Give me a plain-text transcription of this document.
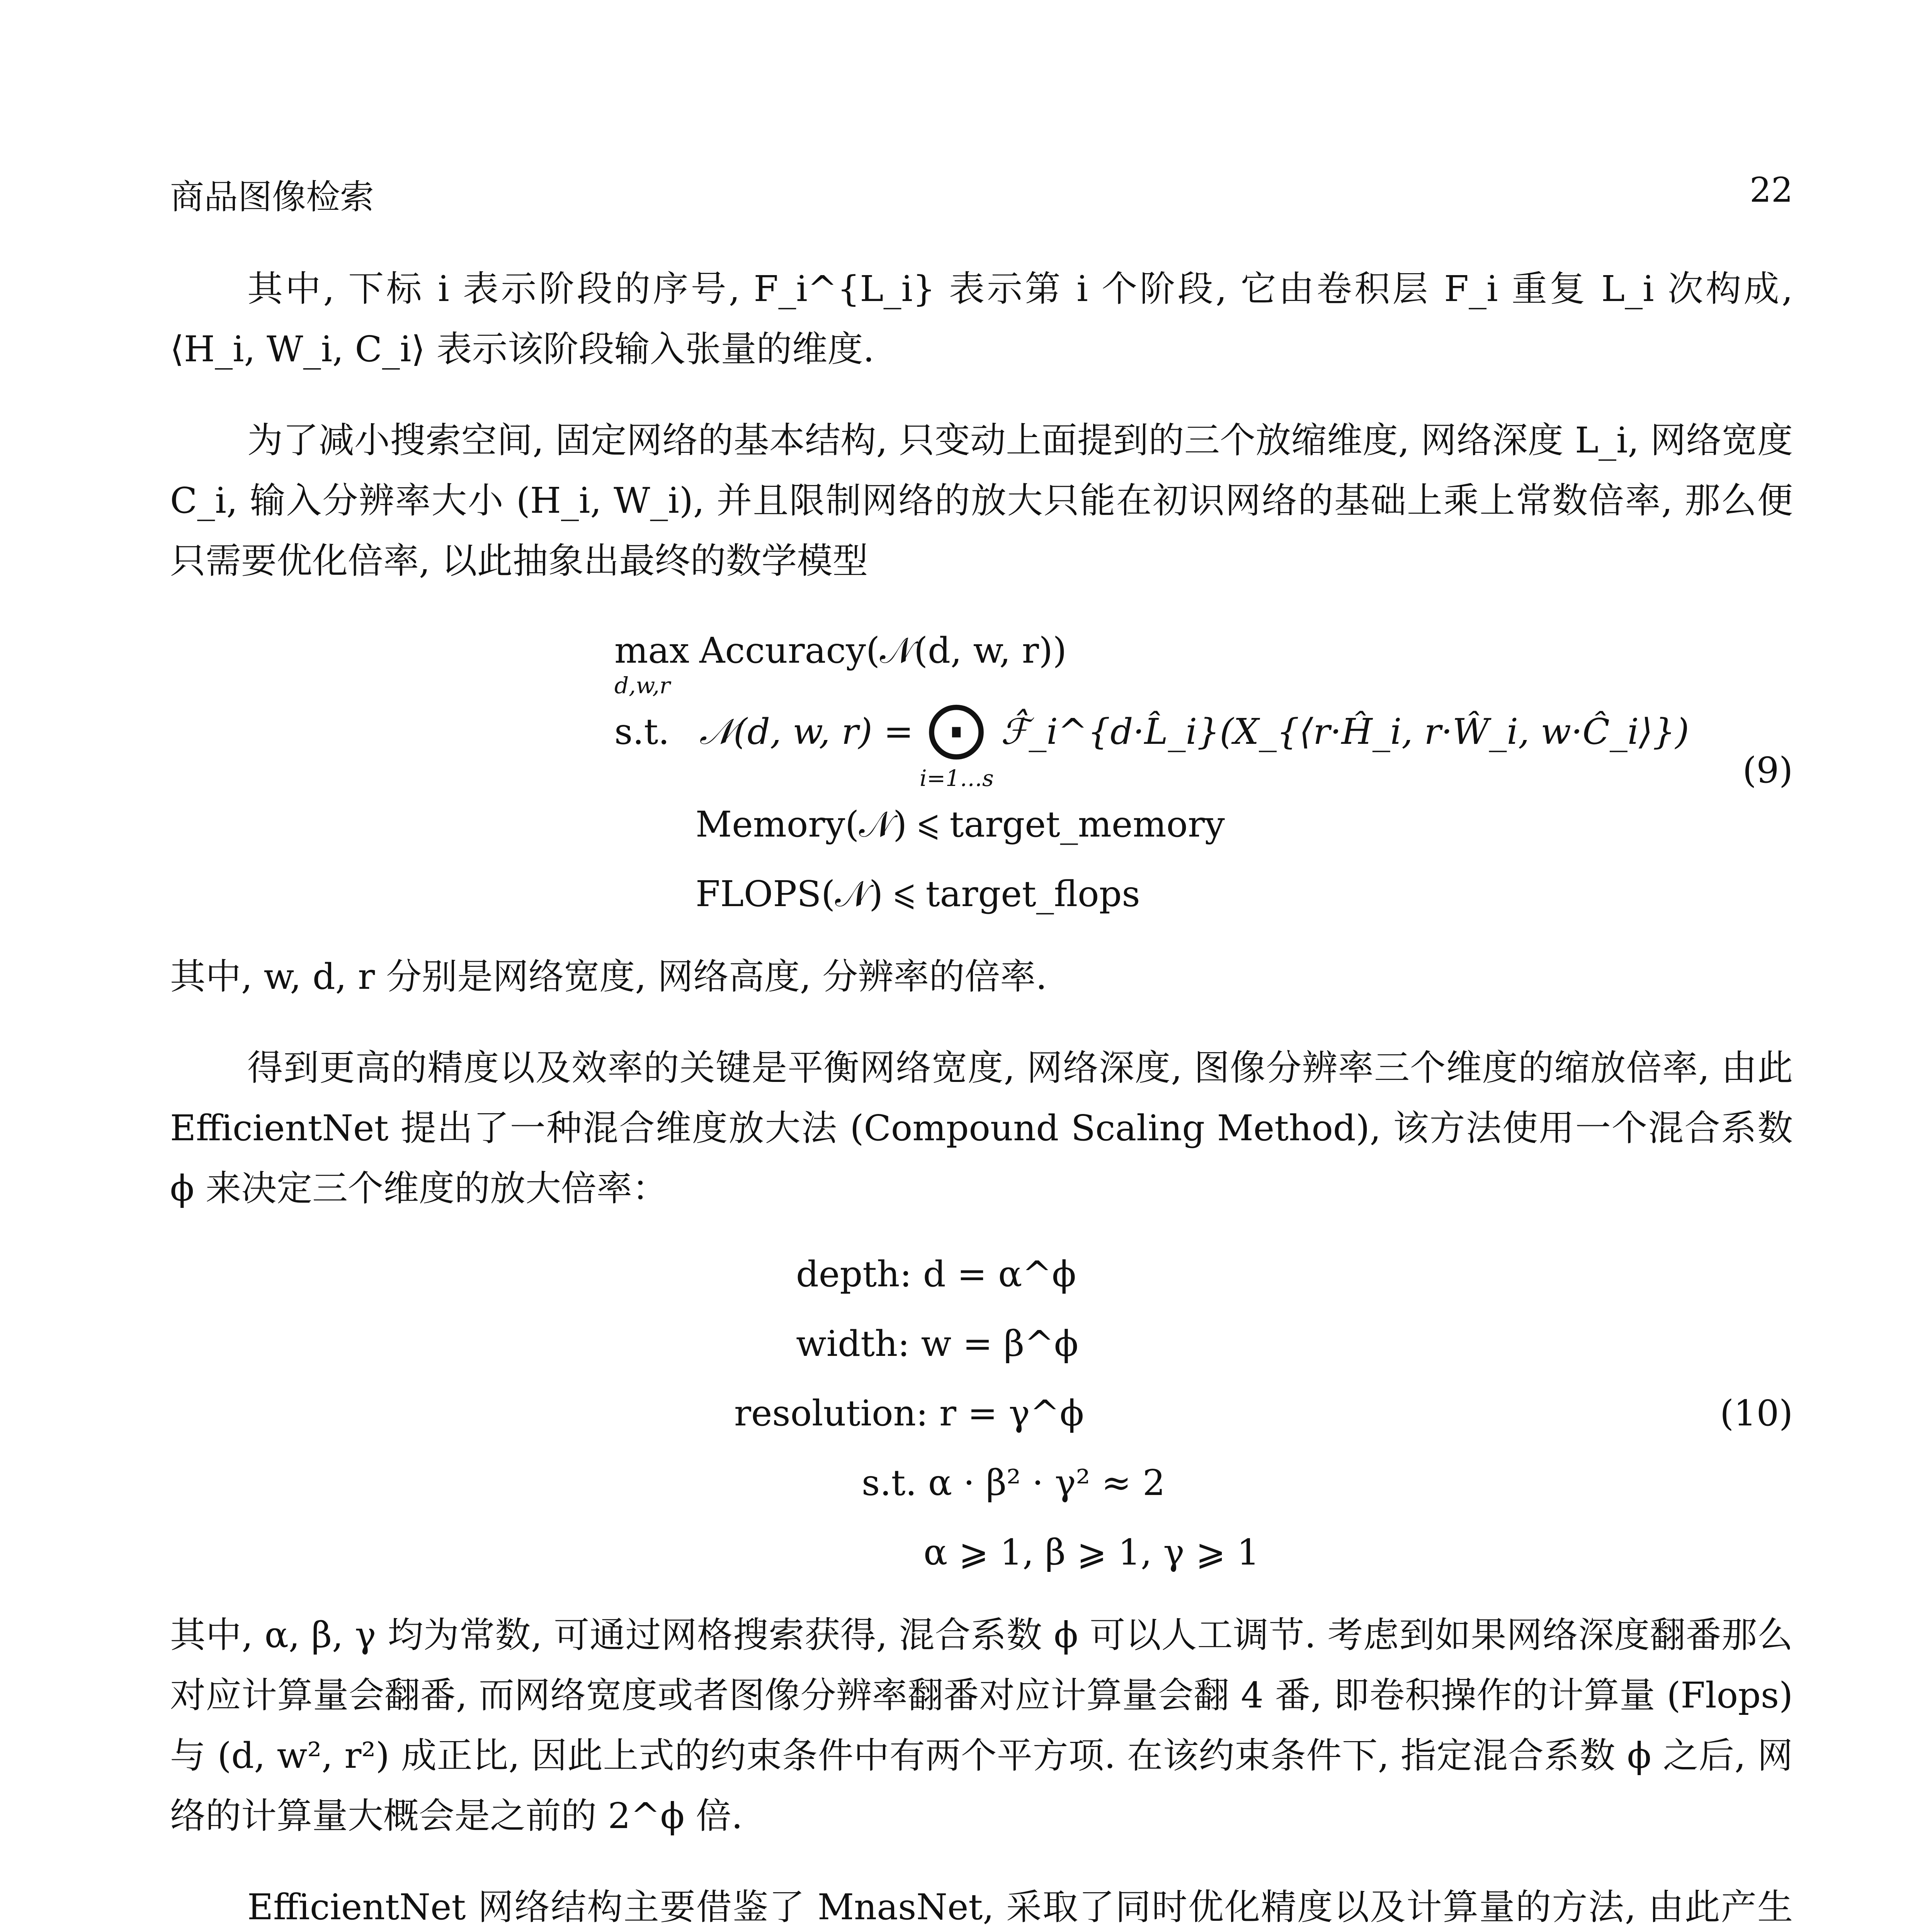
商品图像检索	22

其中, 下标 i 表示阶段的序号, F_i^{L_i} 表示第 i 个阶段, 它由卷积层 F_i 重复 L_i 次构成, ⟨H_i, W_i, C_i⟩ 表示该阶段输入张量的维度.

为了减小搜索空间, 固定网络的基本结构, 只变动上面提到的三个放缩维度, 网络深度 L_i, 网络宽度 C_i, 输入分辨率大小 (H_i, W_i), 并且限制网络的放大只能在初识网络的基础上乘上常数倍率, 那么便只需要优化倍率, 以此抽象出最终的数学模型

max
d,w,r
Accuracy(𝒩(d, w, r))
s.t. 𝒩(d, w, r) = ⨀
i=1…s
ℱ̂_i^{d·L̂_i}(X_{⟨r·Ĥ_i, r·Ŵ_i, w·Ĉ_i⟩})
(9)
Memory(𝒩) ⩽ target_memory
FLOPS(𝒩) ⩽ target_flops

其中, w, d, r 分别是网络宽度, 网络高度, 分辨率的倍率.

得到更高的精度以及效率的关键是平衡网络宽度, 网络深度, 图像分辨率三个维度的缩放倍率, 由此 EfficientNet 提出了一种混合维度放大法 (Compound Scaling Method), 该方法使用一个混合系数 ϕ 来决定三个维度的放大倍率：

depth: d = α^ϕ
width: w = β^ϕ
resolution: r = γ^ϕ	(10)
s.t. α · β² · γ² ≈ 2
α ⩾ 1, β ⩾ 1, γ ⩾ 1

其中, α, β, γ 均为常数, 可通过网格搜索获得, 混合系数 ϕ 可以人工调节. 考虑到如果网络深度翻番那么对应计算量会翻番, 而网络宽度或者图像分辨率翻番对应计算量会翻 4 番, 即卷积操作的计算量 (Flops) 与 (d, w², r²) 成正比, 因此上式的约束条件中有两个平方项. 在该约束条件下, 指定混合系数 ϕ 之后, 网络的计算量大概会是之前的 2^ϕ 倍.

EfficientNet 网络结构主要借鉴了 MnasNet, 采取了同时优化精度以及计算量的方法, 由此产生
